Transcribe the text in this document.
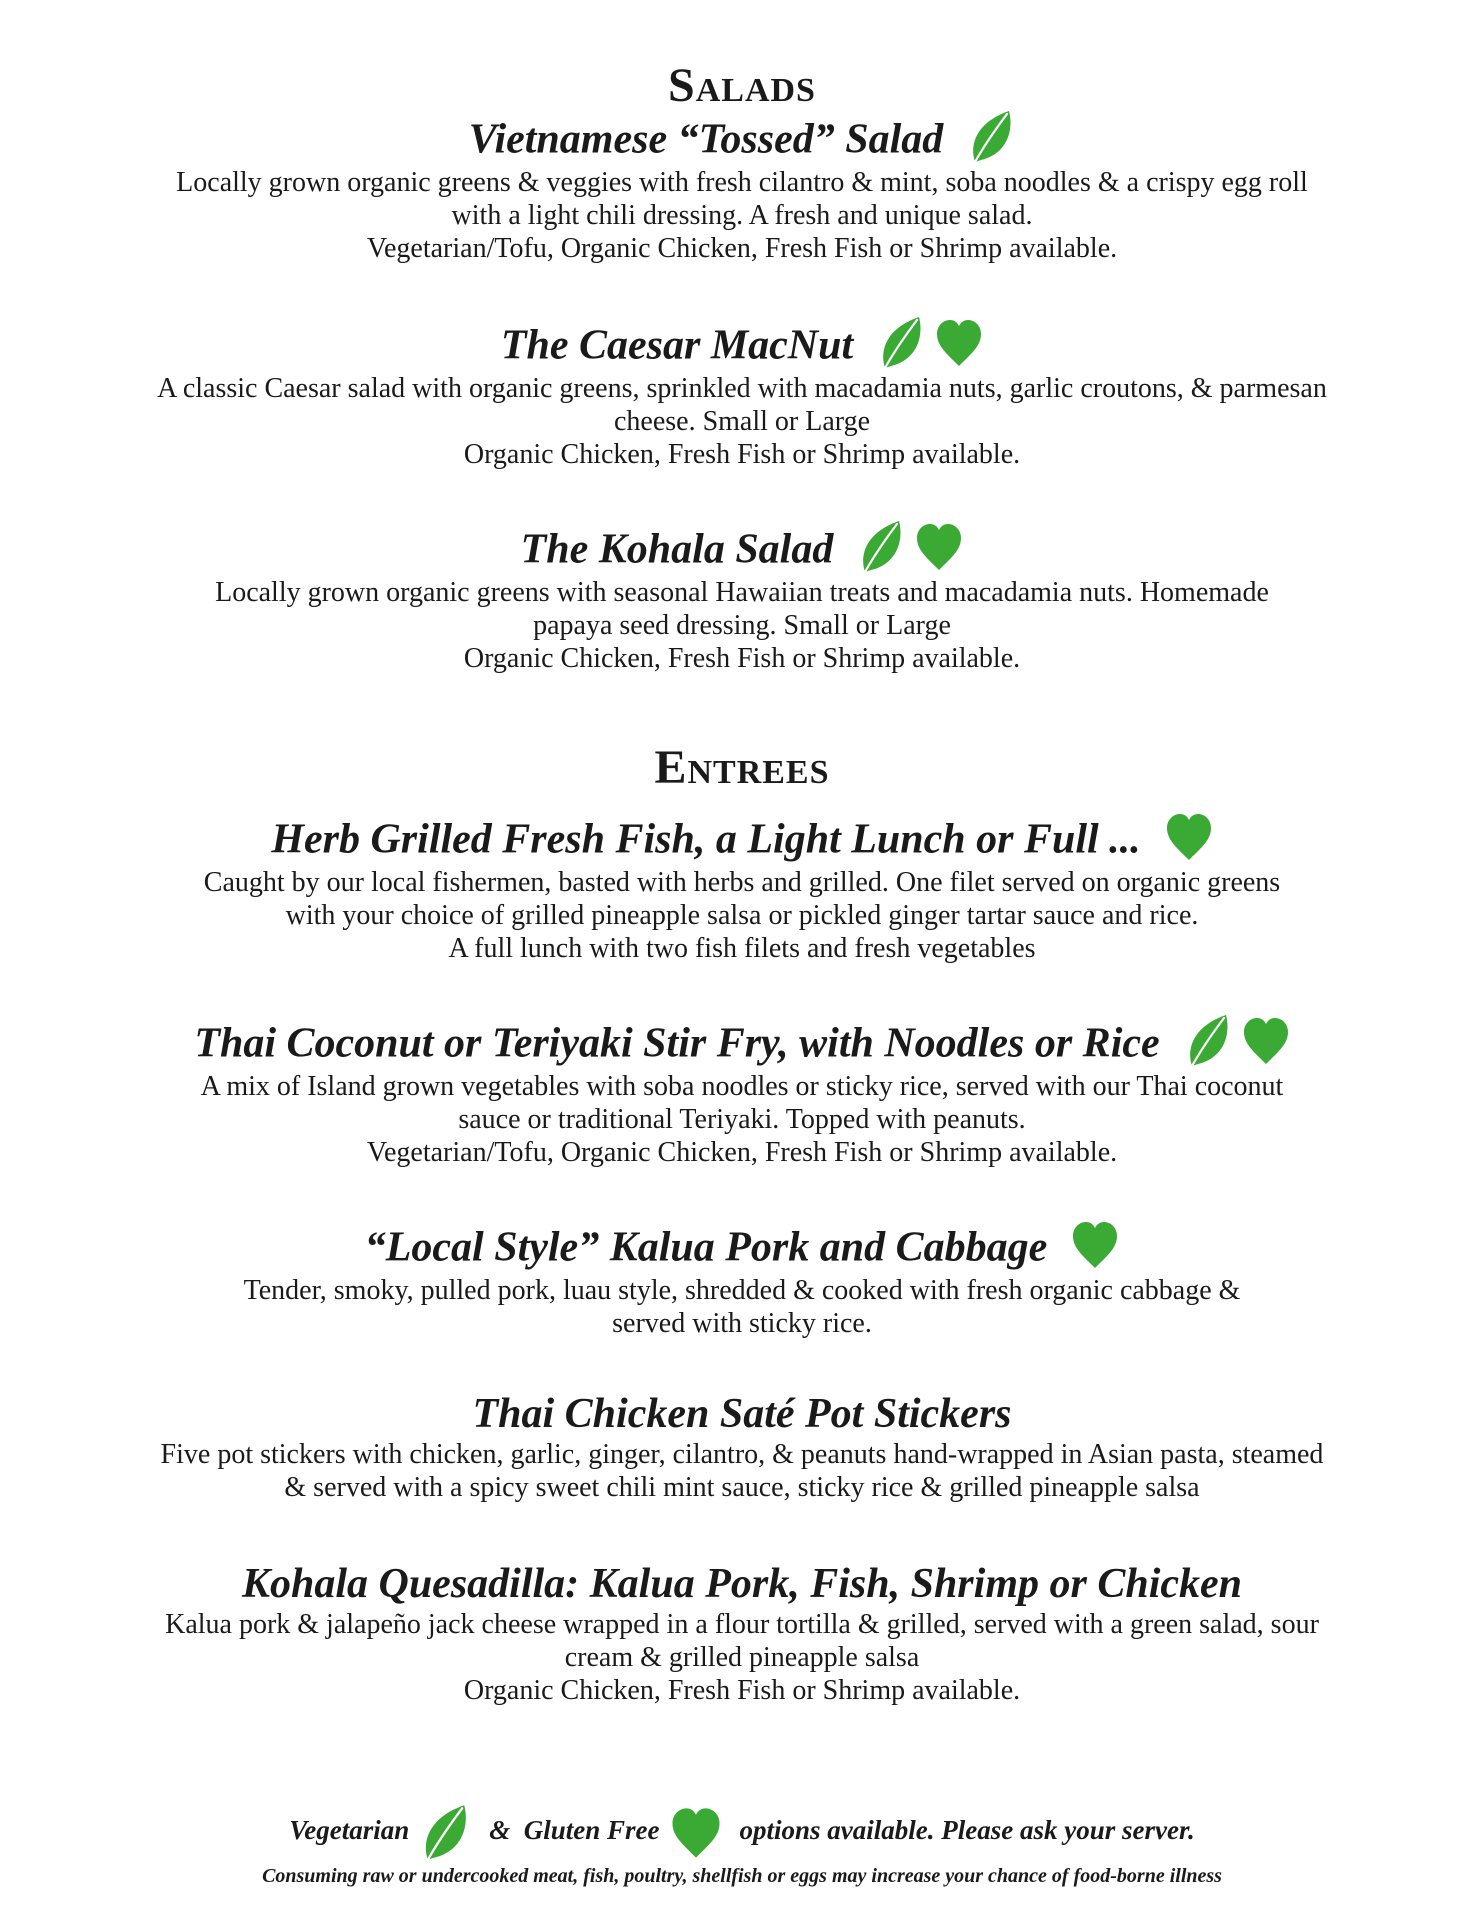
Salads
Vietnamese “Tossed” Salad
Locally grown organic greens & veggies with fresh cilantro & mint, soba noodles & a crispy egg roll
with a light chili dressing. A fresh and unique salad.
Vegetarian/Tofu, Organic Chicken, Fresh Fish or Shrimp available.
The Caesar MacNut
A classic Caesar salad with organic greens, sprinkled with macadamia nuts, garlic croutons, & parmesan
cheese. Small or Large
Organic Chicken, Fresh Fish or Shrimp available.
The Kohala Salad
Locally grown organic greens with seasonal Hawaiian treats and macadamia nuts. Homemade
papaya seed dressing. Small or Large
Organic Chicken, Fresh Fish or Shrimp available.
Entrees
Herb Grilled Fresh Fish, a Light Lunch or Full ...
Caught by our local fishermen, basted with herbs and grilled. One filet served on organic greens
with your choice of grilled pineapple salsa or pickled ginger tartar sauce and rice.
A full lunch with two fish filets and fresh vegetables
Thai Coconut or Teriyaki Stir Fry, with Noodles or Rice
A mix of Island grown vegetables with soba noodles or sticky rice, served with our Thai coconut
sauce or traditional Teriyaki. Topped with peanuts.
Vegetarian/Tofu, Organic Chicken, Fresh Fish or Shrimp available.
“Local Style” Kalua Pork and Cabbage
Tender, smoky, pulled pork, luau style, shredded & cooked with fresh organic cabbage &
served with sticky rice.
Thai Chicken Saté Pot Stickers
Five pot stickers with chicken, garlic, ginger, cilantro, & peanuts hand-wrapped in Asian pasta, steamed
& served with a spicy sweet chili mint sauce, sticky rice & grilled pineapple salsa
Kohala Quesadilla: Kalua Pork, Fish, Shrimp or Chicken
Kalua pork & jalapeño jack cheese wrapped in a flour tortilla & grilled, served with a green salad, sour
cream & grilled pineapple salsa
Organic Chicken, Fresh Fish or Shrimp available.
Vegetarian	& Gluten Free	options available. Please ask your server.
Consuming raw or undercooked meat, fish, poultry, shellfish or eggs may increase your chance of food-borne illness
